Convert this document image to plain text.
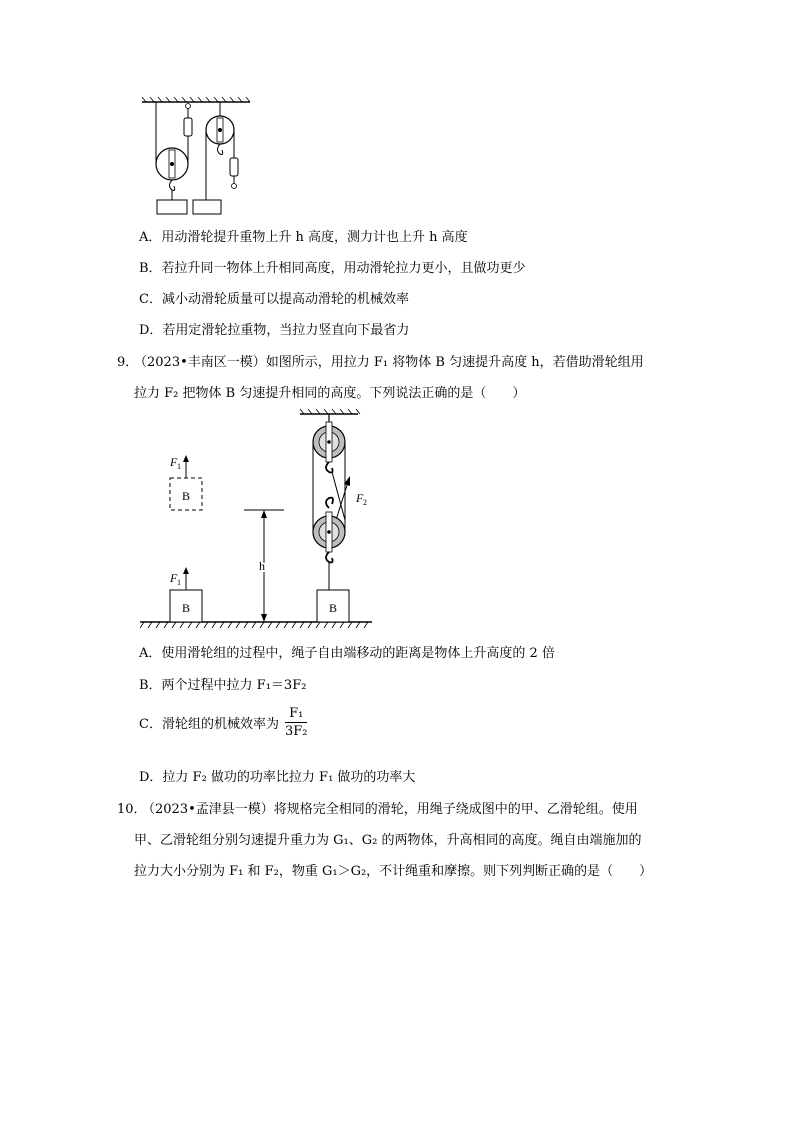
A．用动滑轮提升重物上升 h 高度，测力计也上升 h 高度
B．若拉升同一物体上升相同高度，用动滑轮拉力更小，且做功更少
C．减小动滑轮质量可以提高动滑轮的机械效率
D．若用定滑轮拉重物，当拉力竖直向下最省力
9．
（2023•丰南区一模）如图所示，用拉力 F₁ 将物体 B 匀速提升高度 h，若借助滑轮组用
拉力 F₂ 把物体 B 匀速提升相同的高度。下列说法正确的是（　　）
B
F 1
B
F 1
h
F 2
B
A．使用滑轮组的过程中，绳子自由端移动的距离是物体上升高度的 2 倍
B．两个过程中拉力 F₁＝3F₂
C．滑轮组的机械效率为 $\frac{\text{F₁}}{\text{3F₂}}$
D．拉力 F₂ 做功的功率比拉力 F₁ 做功的功率大
10．
（2023•孟津县一模）将规格完全相同的滑轮，用绳子绕成图中的甲、乙滑轮组。使用
甲、乙滑轮组分别匀速提升重力为 G₁、G₂ 的两物体，升高相同的高度。绳自由端施加的
拉力大小分别为 F₁ 和 F₂，物重 G₁＞G₂，不计绳重和摩擦。则下列判断正确的是（　　）
